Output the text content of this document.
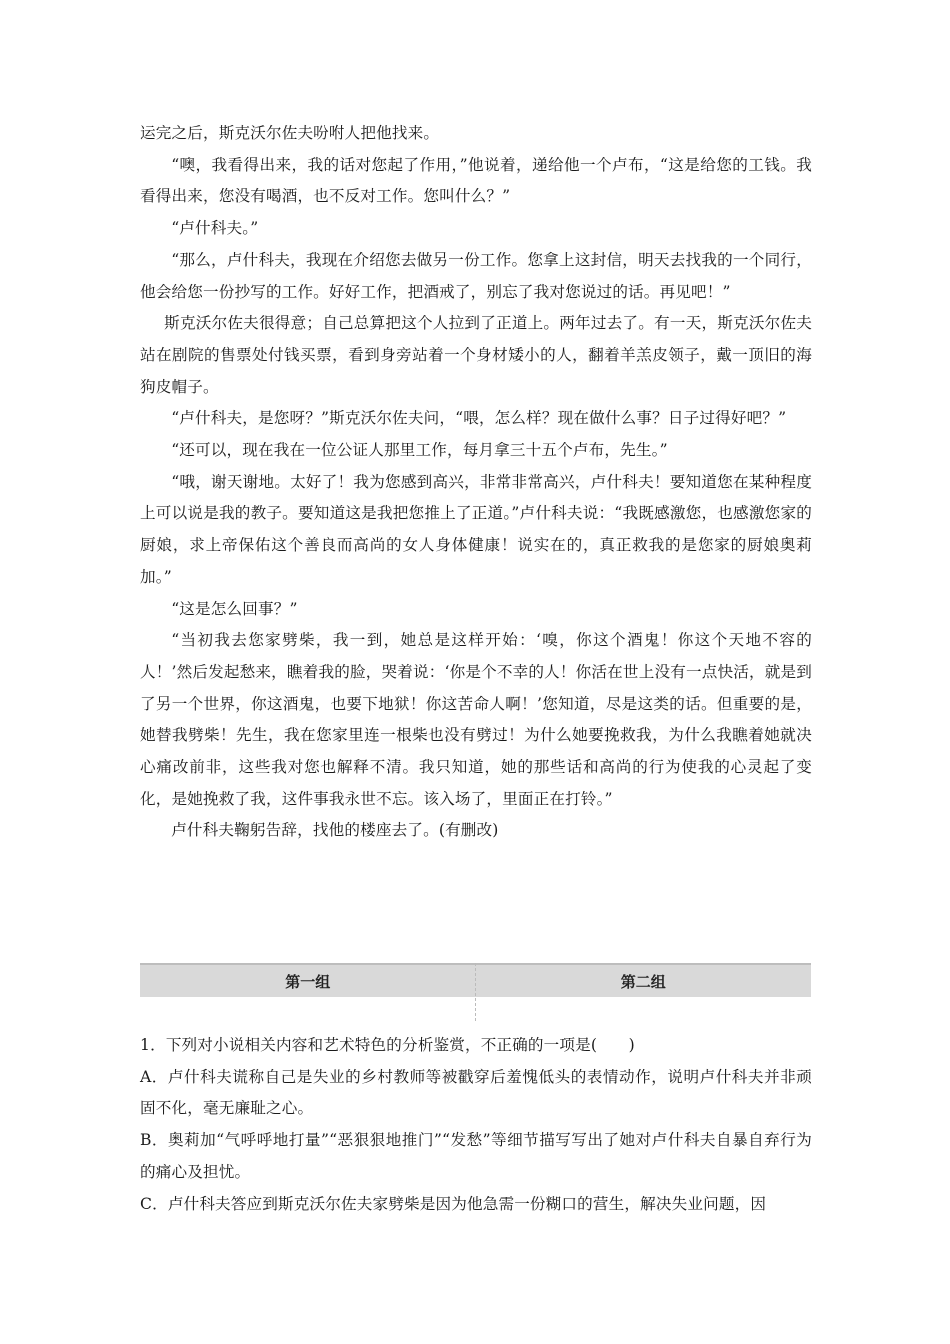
运完之后，斯克沃尔佐夫吩咐人把他找来。

“噢，我看得出来，我的话对您起了作用，”他说着，递给他一个卢布，“这是给您的工钱。我看得出来，您没有喝酒，也不反对工作。您叫什么？”

“卢什科夫。”

“那么，卢什科夫，我现在介绍您去做另一份工作。您拿上这封信，明天去找我的一个同行，他会给您一份抄写的工作。好好工作，把酒戒了，别忘了我对您说过的话。再见吧！”

斯克沃尔佐夫很得意；自己总算把这个人拉到了正道上。两年过去了。有一天，斯克沃尔佐夫站在剧院的售票处付钱买票，看到身旁站着一个身材矮小的人，翻着羊羔皮领子，戴一顶旧的海狗皮帽子。

“卢什科夫，是您呀？”斯克沃尔佐夫问，“喂，怎么样？现在做什么事？日子过得好吧？”

“还可以，现在我在一位公证人那里工作，每月拿三十五个卢布，先生。”

“哦，谢天谢地。太好了！我为您感到高兴，非常非常高兴，卢什科夫！要知道您在某种程度上可以说是我的教子。要知道这是我把您推上了正道。”卢什科夫说：“我既感激您，也感激您家的厨娘，求上帝保佑这个善良而高尚的女人身体健康！说实在的，真正救我的是您家的厨娘奥莉加。”

“这是怎么回事？”

“当初我去您家劈柴，我一到，她总是这样开始：‘嗅，你这个酒鬼！你这个天地不容的人！’然后发起愁来，瞧着我的脸，哭着说：‘你是个不幸的人！你活在世上没有一点快活，就是到了另一个世界，你这酒鬼，也要下地狱！你这苦命人啊！’您知道，尽是这类的话。但重要的是，她替我劈柴！先生，我在您家里连一根柴也没有劈过！为什么她要挽救我，为什么我瞧着她就决心痛改前非，这些我对您也解释不清。我只知道，她的那些话和高尚的行为使我的心灵起了变化，是她挽救了我，这件事我永世不忘。该入场了，里面正在打铃。”

卢什科夫鞠躬告辞，找他的楼座去了。(有删改)

第一组	第二组

1．下列对小说相关内容和艺术特色的分析鉴赏，不正确的一项是(　　)

A．卢什科夫谎称自己是失业的乡村教师等被戳穿后羞愧低头的表情动作，说明卢什科夫并非顽固不化，毫无廉耻之心。

B．奥莉加“气呼呼地打量”“恶狠狠地推门”“发愁”等细节描写写出了她对卢什科夫自暴自弃行为的痛心及担忧。

C．卢什科夫答应到斯克沃尔佐夫家劈柴是因为他急需一份糊口的营生，解决失业问题，因
